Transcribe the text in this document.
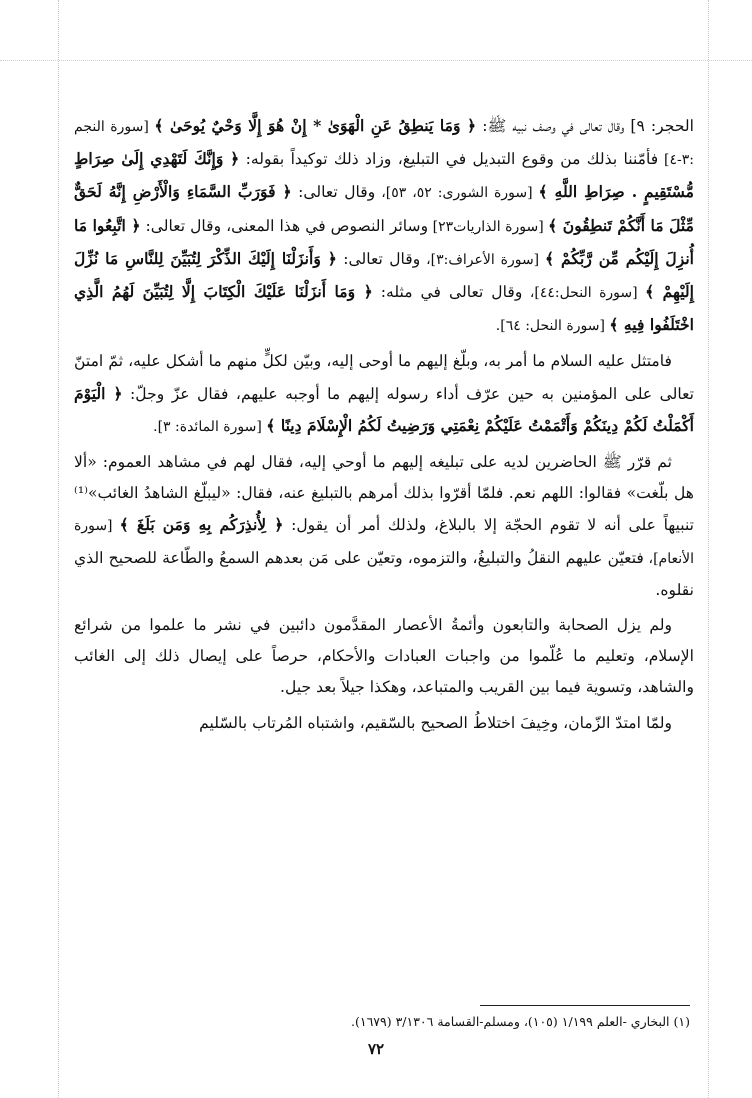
الحجر: ٩] وقال تعالى في وصف نبيه ﷺ: ﴿ وَمَا يَنطِقُ عَنِ الْهَوَىٰ * إِنْ هُوَ إِلَّا وَحْيٌ يُوحَىٰ ﴾ [سورة النجم :٣-٤] فأمّننا بذلك من وقوع التبديل في التبليغ، وزاد ذلك توكيداً بقوله: ﴿ وَإِنَّكَ لَتَهْدِي إِلَىٰ صِرَاطٍ مُّسْتَقِيمٍ . صِرَاطِ اللَّهِ ﴾ [سورة الشورى: ٥٢، ٥٣]، وقال تعالى: ﴿ فَوَرَبِّ السَّمَاءِ وَالْأَرْضِ إِنَّهُ لَحَقٌّ مِّثْلَ مَا أَنَّكُمْ تَنطِقُونَ ﴾ [سورة الذاريات٢٣] وسائر النصوص في هذا المعنى، وقال تعالى: ﴿ اتَّبِعُوا مَا أُنزِلَ إِلَيْكُم مِّن رَّبِّكُمْ ﴾ [سورة الأعراف:٣]، وقال تعالى: ﴿ وَأَنزَلْنَا إِلَيْكَ الذِّكْرَ لِتُبَيِّنَ لِلنَّاسِ مَا نُزِّلَ إِلَيْهِمْ ﴾ [سورة النحل:٤٤]، وقال تعالى في مثله: ﴿ وَمَا أَنزَلْنَا عَلَيْكَ الْكِتَابَ إِلَّا لِتُبَيِّنَ لَهُمُ الَّذِي اخْتَلَفُوا فِيهِ ﴾ [سورة النحل: ٦٤].

فامتثل عليه السلام ما أمر به، وبلّغ إليهم ما أوحى إليه، وبيّن لكلٍّ منهم ما أشكل عليه، ثمّ امتنّ تعالى على المؤمنين به حين عرّف أداء رسوله إليهم ما أوجبه عليهم، فقال عزّ وجلّ: ﴿ الْيَوْمَ أَكْمَلْتُ لَكُمْ دِينَكُمْ وَأَتْمَمْتُ عَلَيْكُمْ نِعْمَتِي وَرَضِيتُ لَكُمُ الْإِسْلَامَ دِينًا ﴾ [سورة المائدة: ٣].

ثم قرّر ﷺ الحاضرين لديه على تبليغه إليهم ما أوحي إليه، فقال لهم في مشاهد العموم: «ألا هل بلّغت» فقالوا: اللهم نعم. فلمّا أقرّوا بذلك أمرهم بالتبليغ عنه، فقال: «ليبلّغ الشاهدُ الغائب»⁽¹⁾ تنبيهاً على أنه لا تقوم الحجّة إلا بالبلاغ، ولذلك أمر أن يقول: ﴿ لِأُنذِرَكُم بِهِ وَمَن بَلَغَ ﴾ [سورة الأنعام]، فتعيّن عليهم النقلُ والتبليغُ، والتزموه، وتعيّن على مَن بعدهم السمعُ والطّاعة للصحيح الذي نقلوه.

ولم يزل الصحابة والتابعون وأئمةُ الأعصار المقدَّمون دائبين في نشر ما علموا من شرائع الإسلام، وتعليم ما عُلّموا من واجبات العبادات والأحكام، حرصاً على إيصال ذلك إلى الغائب والشاهد، وتسوية فيما بين القريب والمتباعد، وهكذا جيلاً بعد جيل.

ولمّا امتدّ الزّمان، وخِيفَ اختلاطُ الصحيح بالسّقيم، واشتباه المُرتاب بالسّليم

(١) البخاري -العلم ١/١٩٩ (١٠٥)، ومسلم-القسامة ٣/١٣٠٦ (١٦٧٩).
٧٢
